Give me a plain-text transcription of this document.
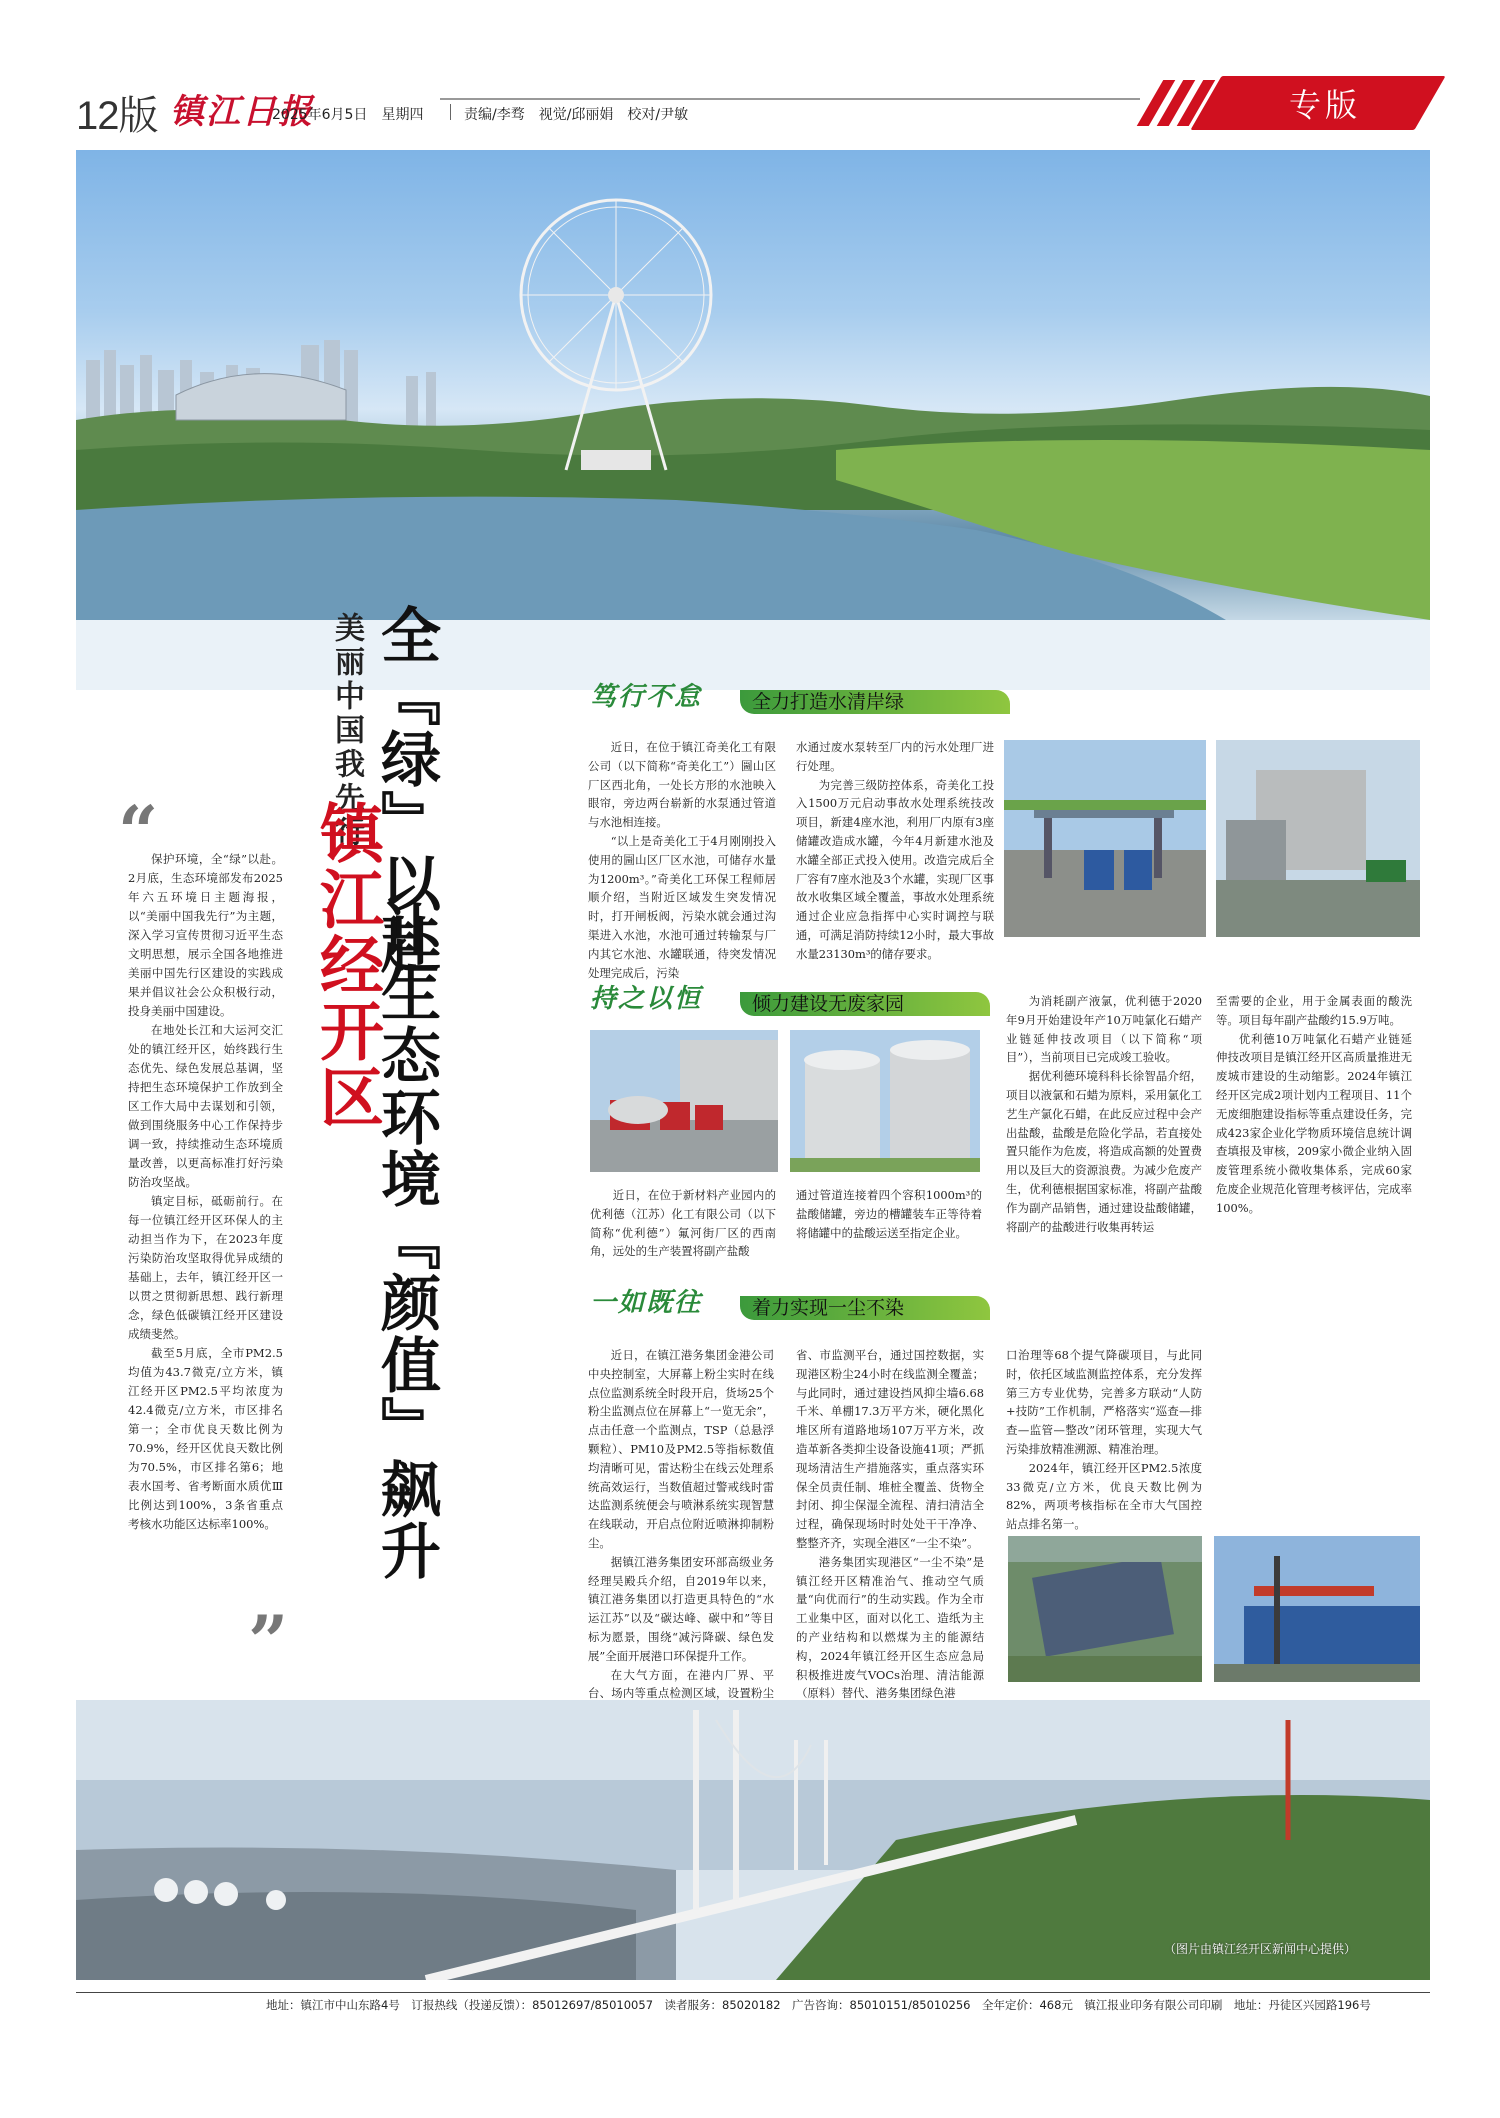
12版 镇江日报
2025年6月5日　星期四	责编/李骛　视觉/邱丽娟　校对/尹敏	专版
美丽中国我先行
镇江经开区
全『绿』以赴
让生态环境『颜值』飙升
“

保护环境，全“绿”以赴。2月底，生态环境部发布2025年六五环境日主题海报，以“美丽中国我先行”为主题，深入学习宣传贯彻习近平生态文明思想，展示全国各地推进美丽中国先行区建设的实践成果并倡议社会公众积极行动，投身美丽中国建设。

在地处长江和大运河交汇处的镇江经开区，始终践行生态优先、绿色发展总基调，坚持把生态环境保护工作放到全区工作大局中去谋划和引领，做到围绕服务中心工作保持步调一致，持续推动生态环境质量改善，以更高标准打好污染防治攻坚战。

镇定目标，砥砺前行。在每一位镇江经开区环保人的主动担当作为下，在2023年度污染防治攻坚取得优异成绩的基础上，去年，镇江经开区一以贯之贯彻新思想、践行新理念，绿色低碳镇江经开区建设成绩斐然。

截至5月底，全市PM2.5均值为43.7微克/立方米，镇江经开区PM2.5平均浓度为42.4微克/立方米，市区排名第一；全市优良天数比例为70.9%，经开区优良天数比例为70.5%，市区排名第6；地表水国考、省考断面水质优Ⅲ比例达到100%，3条省重点考核水功能区达标率100%。

”
笃行不怠	全力打造水清岸绿

近日，在位于镇江奇美化工有限公司（以下简称“奇美化工”）圌山区厂区西北角，一处长方形的水池映入眼帘，旁边两台崭新的水泵通过管道与水池相连接。

“以上是奇美化工于4月刚刚投入使用的圌山区厂区水池，可储存水量为1200m³。”奇美化工环保工程师居顺介绍，当附近区域发生突发情况时，打开闸板阀，污染水就会通过沟渠进入水池，水池可通过转输泵与厂内其它水池、水罐联通，待突发情况处理完成后，污染

水通过废水泵转至厂内的污水处理厂进行处理。

为完善三级防控体系，奇美化工投入1500万元启动事故水处理系统技改项目，新建4座水池，利用厂内原有3座储罐改造成水罐，今年4月新建水池及水罐全部正式投入使用。改造完成后全厂容有7座水池及3个水罐，实现厂区事故水收集区域全覆盖，事故水处理系统通过企业应急指挥中心实时调控与联通，可满足消防持续12小时，最大事故水量23130m³的储存要求。

持之以恒	倾力建设无废家园

近日，在位于新材料产业园内的优利德（江苏）化工有限公司（以下简称“优利德”）氟河街厂区的西南角，远处的生产装置将副产盐酸

通过管道连接着四个容积1000m³的盐酸储罐，旁边的槽罐装车正等待着将储罐中的盐酸运送至指定企业。

为消耗副产液氯，优利德于2020年9月开始建设年产10万吨氯化石蜡产业链延伸技改项目（以下简称“项目”），当前项目已完成竣工验收。

据优利德环境科科长徐智晶介绍，项目以液氯和石蜡为原料，采用氯化工艺生产氯化石蜡，在此反应过程中会产出盐酸，盐酸是危险化学品，若直接处置只能作为危废，将造成高额的处置费用以及巨大的资源浪费。为减少危废产生，优利德根据国家标准，将副产盐酸作为副产品销售，通过建设盐酸储罐，将副产的盐酸进行收集再转运

至需要的企业，用于金属表面的酸洗等。项目每年副产盐酸约15.9万吨。

优利德10万吨氯化石蜡产业链延伸技改项目是镇江经开区高质量推进无废城市建设的生动缩影。2024年镇江经开区完成2项计划内工程项目、11个无废细胞建设指标等重点建设任务，完成423家企业化学物质环境信息统计调查填报及审核，209家小微企业纳入固废管理系统小微收集体系，完成60家危废企业规范化管理考核评估，完成率100%。

一如既往	着力实现一尘不染

近日，在镇江港务集团金港公司中央控制室，大屏幕上粉尘实时在线点位监测系统全时段开启，货场25个粉尘监测点位在屏幕上“一览无余”，点击任意一个监测点，TSP（总悬浮颗粒）、PM10及PM2.5等指标数值均清晰可见，雷达粉尘在线云处理系统高效运行，当数值超过警戒线时雷达监测系统便会与喷淋系统实现智慧在线联动，开启点位附近喷淋抑制粉尘。

据镇江港务集团安环部高级业务经理吴殿兵介绍，自2019年以来，镇江港务集团以打造更具特色的“水运江苏”以及“碳达峰、碳中和”等目标为愿景，围绕“减污降碳、绿色发展”全面开展港口环保提升工作。

在大气方面，在港内厂界、平台、场内等重点检测区域，设置粉尘

省、市监测平台，通过国控数据，实现港区粉尘24小时在线监测全覆盖；与此同时，通过建设挡风抑尘墙6.68千米、单棚17.3万平方米，硬化黑化堆区所有道路地场107万平方米，改造革新各类抑尘设备设施41项；严抓现场清洁生产措施落实，重点落实环保全员责任制、堆桩全覆盖、货物全封闭、抑尘保湿全流程、清扫清洁全过程，确保现场时时处处干干净净、整整齐齐，实现全港区“一尘不染”。

港务集团实现港区“一尘不染”是镇江经开区精准治气、推动空气质量“向优而行”的生动实践。作为全市工业集中区，面对以化工、造纸为主的产业结构和以燃煤为主的能源结构，2024年镇江经开区生态应急局积极推进废气VOCs治理、清洁能源（原料）替代、港务集团绿色港

口治理等68个提气降碳项目，与此同时，依托区域监测监控体系，充分发挥第三方专业优势，完善多方联动“人防+技防”工作机制，严格落实“巡查—排查—监管—整改”闭环管理，实现大气污染排放精准溯源、精准治理。

2024年，镇江经开区PM2.5浓度33微克/立方米，优良天数比例为82%，两项考核指标在全市大气国控站点排名第一。

（图片由镇江经开区新闻中心提供）
地址：镇江市中山东路4号　订报热线（投递反馈）：85012697/85010057　读者服务：85020182　广告咨询：85010151/85010256　全年定价：468元　镇江报业印务有限公司印刷　地址：丹徒区兴园路196号
